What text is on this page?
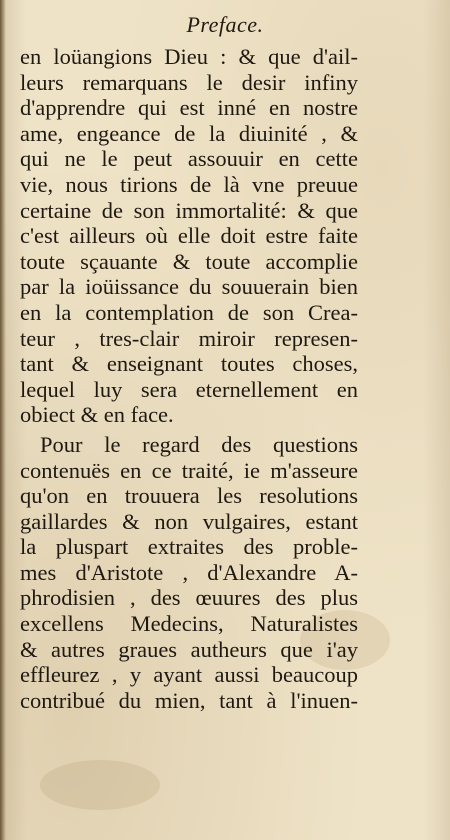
Preface.
en loüangions Dieu : & que d'ail-
leurs remarquans le desir infiny
d'apprendre qui est inné en nostre
ame, engeance de la diuinité , &
qui ne le peut assouuir en cette
vie, nous tirions de là vne preuue
certaine de son immortalité: & que
c'est ailleurs où elle doit estre faite
toute sçauante & toute accomplie
par la ioüissance du souuerain bien
en la contemplation de son Crea-
teur , tres-clair miroir represen-
tant & enseignant toutes choses,
lequel luy sera eternellement en
obiect & en face.
Pour le regard des questions
contenuës en ce traité, ie m'asseure
qu'on en trouuera les resolutions
gaillardes & non vulgaires, estant
la pluspart extraites des proble-
mes d'Aristote , d'Alexandre A-
phrodisien , des œuures des plus
excellens Medecins, Naturalistes
& autres graues autheurs que i'ay
effleurez , y ayant aussi beaucoup
contribué du mien, tant à l'inuen-
